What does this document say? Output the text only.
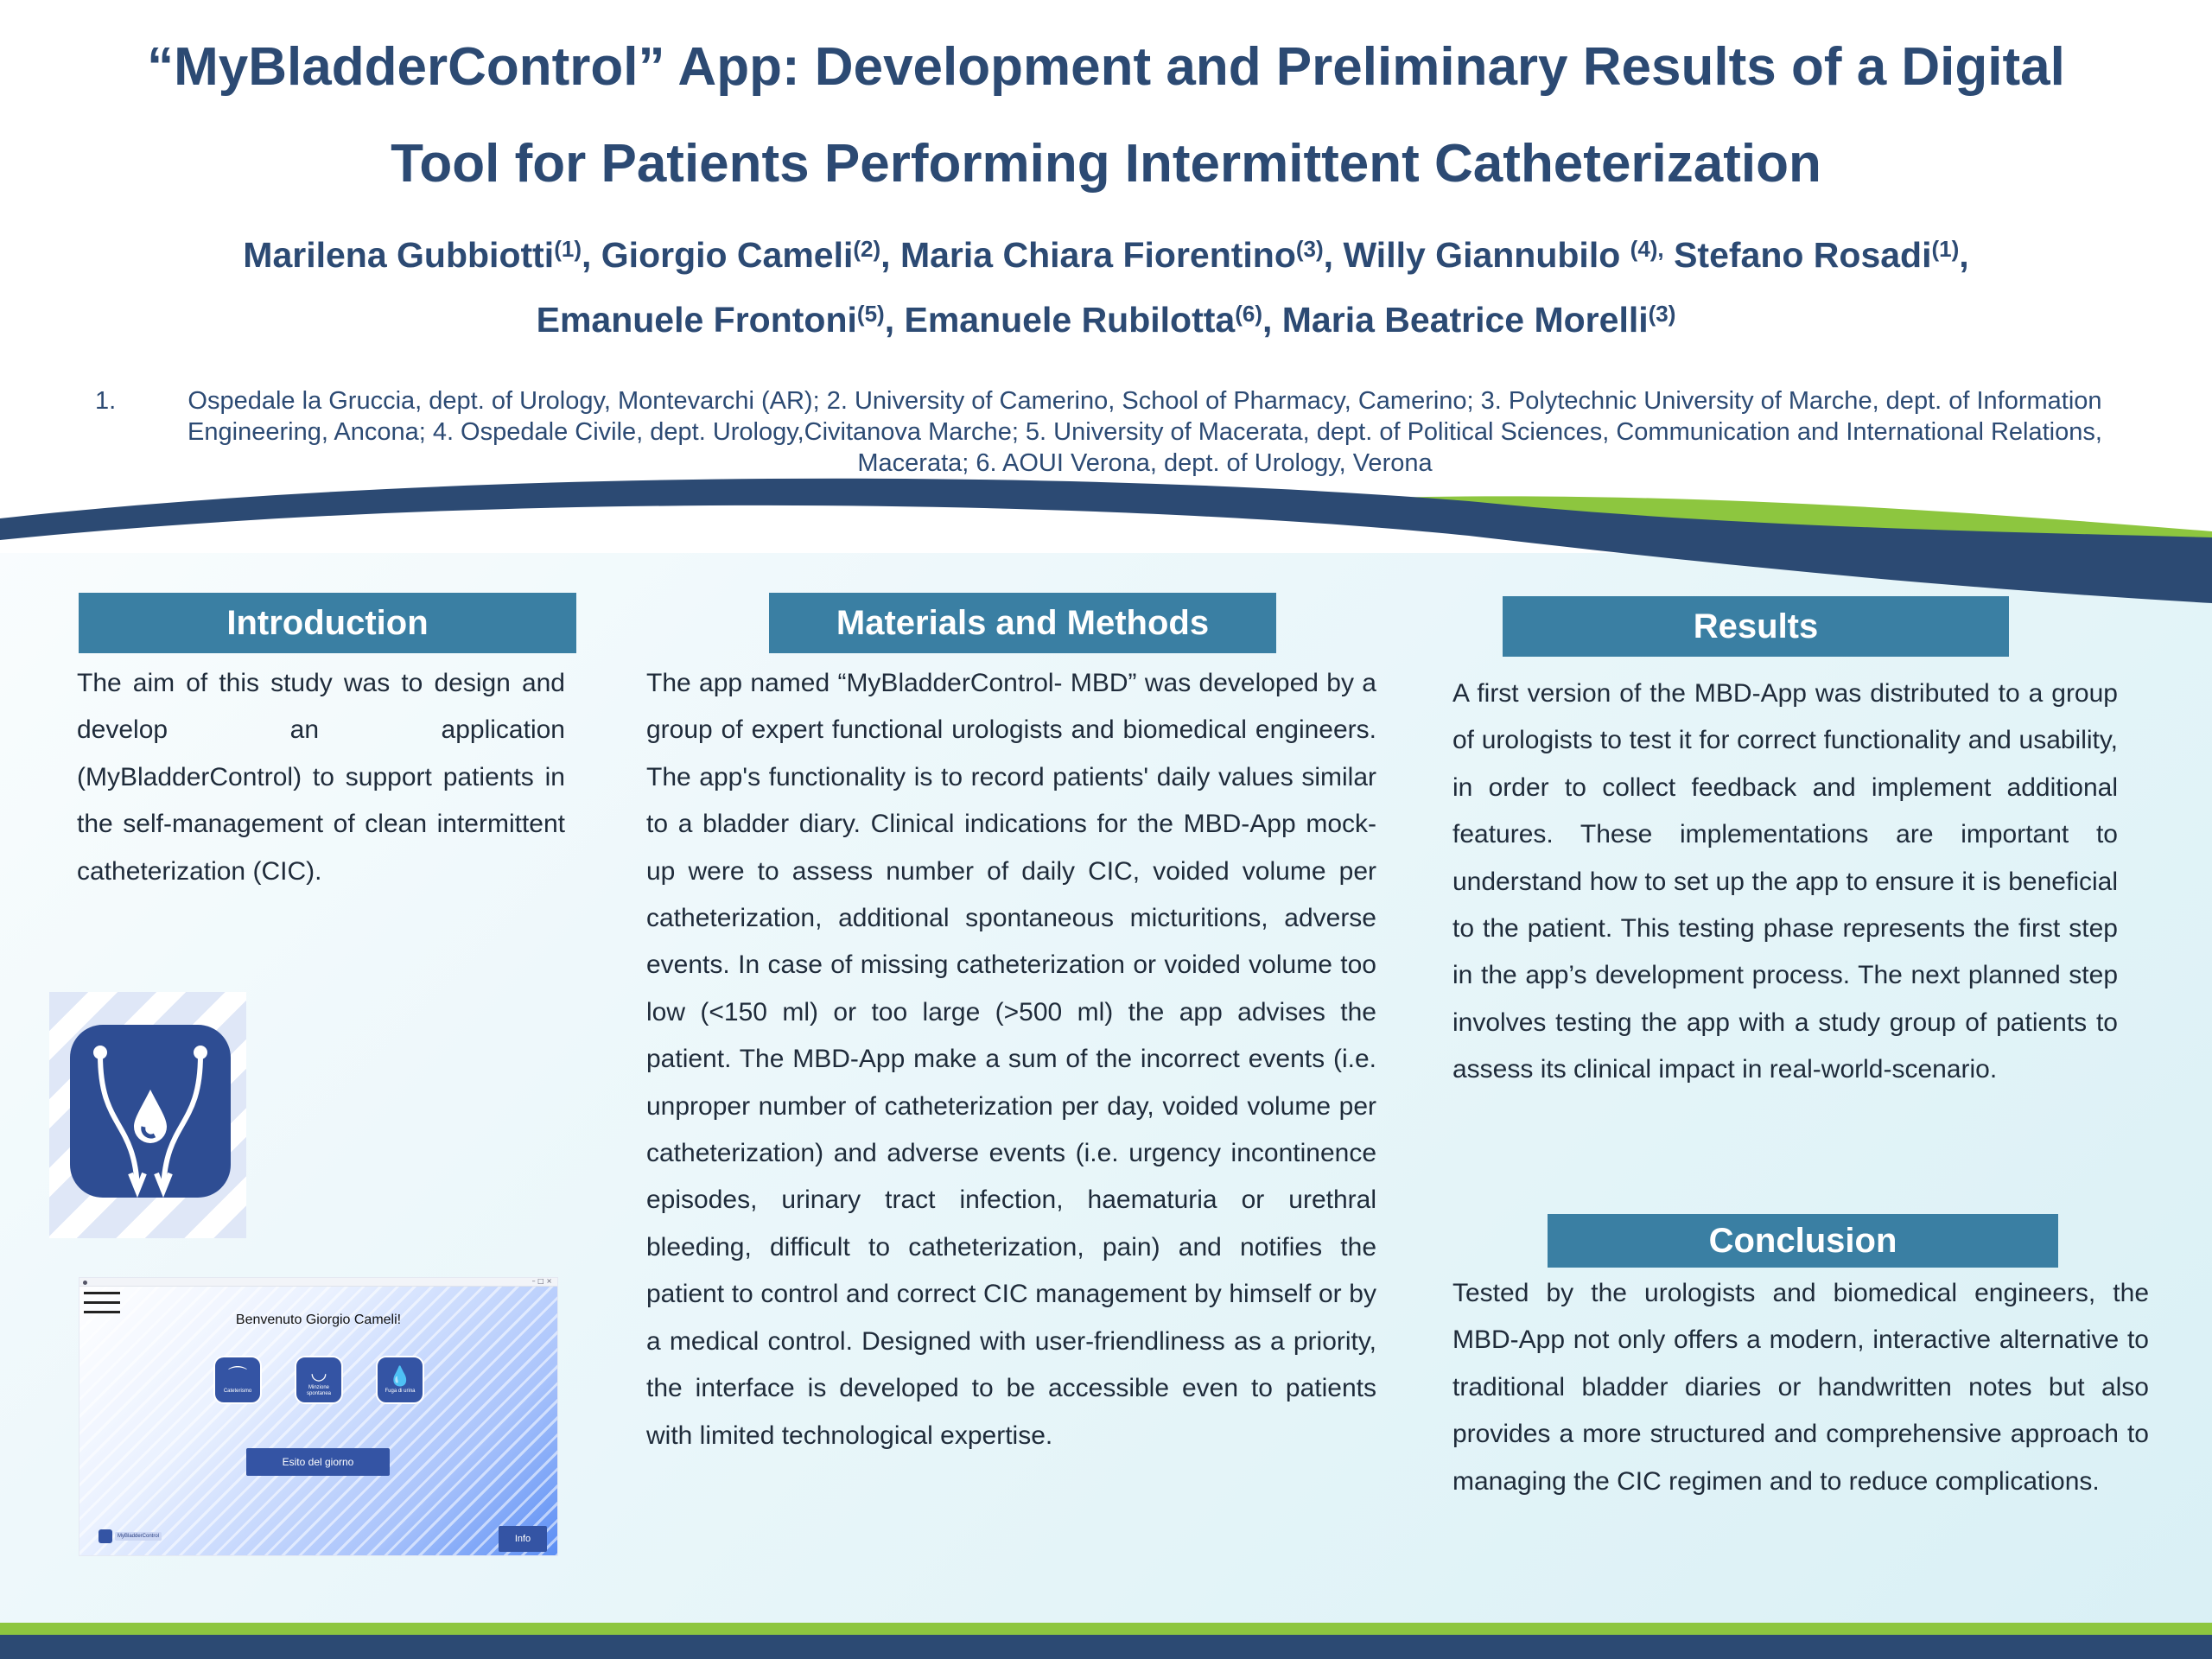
“MyBladderControl” App: Development and Preliminary Results of a Digital Tool for Patients Performing Intermittent Catheterization
Marilena Gubbiotti$^{(1)}$, Giorgio Cameli$^{(2)}$, Maria Chiara Fiorentino$^{(3)}$, Willy Giannubilo $^{(4),}$ Stefano Rosadi$^{(1)}$,
Emanuele Frontoni$^{(5)}$, Emanuele Rubilotta$^{(6)}$, Maria Beatrice Morelli$^{(3)}$
1.	Ospedale la Gruccia, dept. of Urology, Montevarchi (AR); 2. University of Camerino, School of Pharmacy, Camerino; 3. Polytechnic University of Marche, dept. of Information Engineering, Ancona; 4. Ospedale Civile, dept. Urology,Civitanova Marche; 5. University of Macerata, dept. of Political Sciences, Communication and International Relations, Macerata; 6. AOUI Verona, dept. of Urology, Verona
Introduction

The aim of this study was to design and develop an application (MyBladderControl) to support patients in the self-management of clean intermittent catheterization (CIC).

– □ ×
Benvenuto Giorgio Cameli!
⌒
Cateterismo
◡
Minzione spontanea
💧
Fuga di urina
Esito del giorno
MyBladderControl	Info
Materials and Methods

The app named “MyBladderControl- MBD” was developed by a group of expert functional urologists and biomedical engineers. The app's functionality is to record patients' daily values similar to a bladder diary. Clinical indications for the MBD-App mock-up were to assess number of daily CIC, voided volume per catheterization, additional spontaneous micturitions, adverse events. In case of missing catheterization or voided volume too low (<150 ml) or too large (>500 ml) the app advises the patient. The MBD-App make a sum of the incorrect events (i.e. unproper number of catheterization per day, voided volume per catheterization) and adverse events (i.e. urgency incontinence episodes, urinary tract infection, haematuria or urethral bleeding, difficult to catheterization, pain) and notifies the patient to control and correct CIC management by himself or by a medical control. Designed with user-friendliness as a priority, the interface is developed to be accessible even to patients with limited technological expertise.

Results

A first version of the MBD-App was distributed to a group of urologists to test it for correct functionality and usability, in order to collect feedback and implement additional features. These implementations are important to understand how to set up the app to ensure it is beneficial to the patient. This testing phase represents the first step in the app’s development process. The next planned step involves testing the app with a study group of patients to assess its clinical impact in real-world-scenario.

Conclusion

Tested by the urologists and biomedical engineers, the MBD-App not only offers a modern, interactive alternative to traditional bladder diaries or handwritten notes but also provides a more structured and comprehensive approach to managing the CIC regimen and to reduce complications.
